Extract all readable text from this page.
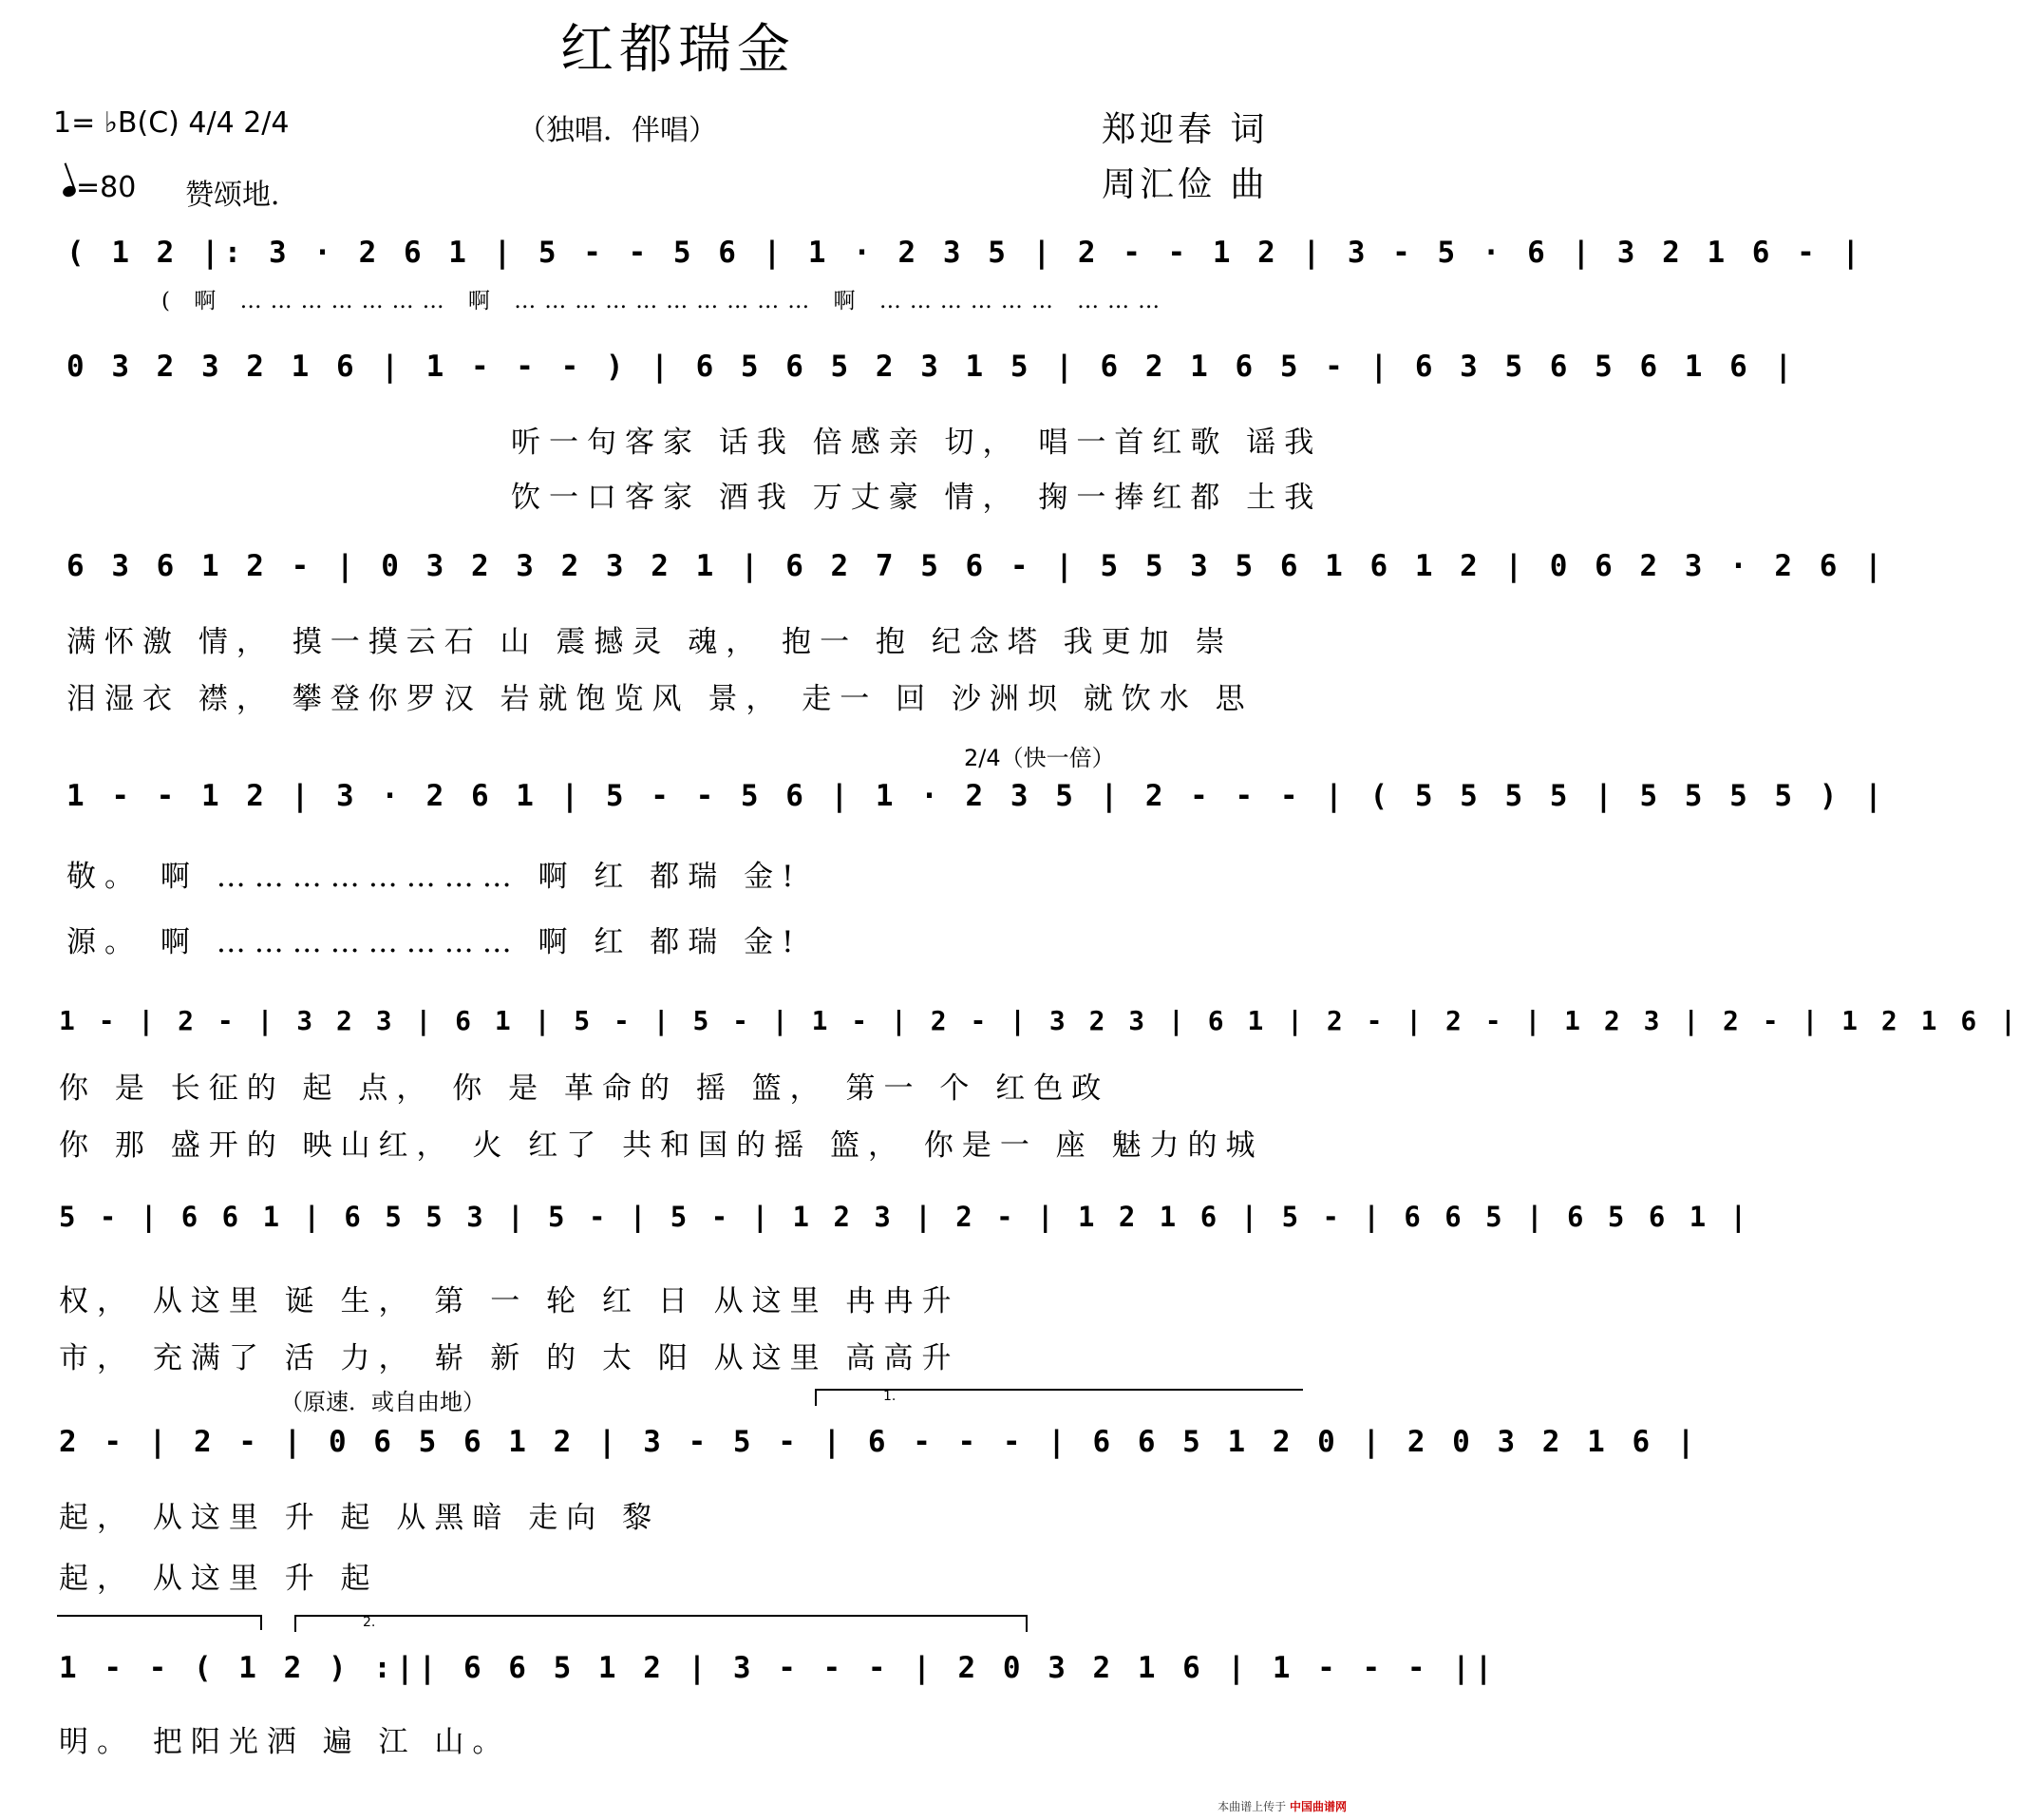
红都瑞金
1= ♭B(C) 4/4 2/4	（独唱．伴唱）
=80 赞颂地．
郑迎春 词
周汇俭 曲
( 1 2 |: 3 · 2 6 1 | 5 - - 5 6 | 1 · 2 3 5 | 2 - - 1 2 | 3 - 5 · 6 | 3 2 1 6 - |
( 啊 ………………… 啊 ………………………… 啊 ……………… ………
0 3 2 3 2 1 6 | 1 - - - ) | 6 5 6 5 2 3 1 5 | 6 2 1 6 5 - | 6 3 5 6 5 6 1 6 |
听一句客家 话我 倍感亲 切， 唱一首红歌 谣我
饮一口客家 酒我 万丈豪 情， 掬一捧红都 土我
6 3 6 1 2 - | 0 3 2 3 2 3 2 1 | 6 2 7 5 6 - | 5 5 3 5 6 1 6 1 2 | 0 6 2 3 · 2 6 |
满怀激 情， 摸一摸云石 山 震撼灵 魂， 抱一 抱 纪念塔 我更加 崇
泪湿衣 襟， 攀登你罗汉 岩就饱览风 景， 走一 回 沙洲坝 就饮水 思
2/4（快一倍）
1 - - 1 2 | 3 · 2 6 1 | 5 - - 5 6 | 1 · 2 3 5 | 2 - - - | ( 5 5 5 5 | 5 5 5 5 ) |
敬。 啊 …………………… 啊 红 都瑞 金!
源。 啊 …………………… 啊 红 都瑞 金!
1 - | 2 - | 3 2 3 | 6 1 | 5 - | 5 - | 1 - | 2 - | 3 2 3 | 6 1 | 2 - | 2 - | 1 2 3 | 2 - | 1 2 1 6 |
你 是 长征的 起 点， 你 是 革命的 摇 篮， 第一 个 红色政
你 那 盛开的 映山红， 火 红了 共和国的摇 篮， 你是一 座 魅力的城
5 - | 6 6 1 | 6 5 5 3 | 5 - | 5 - | 1 2 3 | 2 - | 1 2 1 6 | 5 - | 6 6 5 | 6 5 6 1 |
权， 从这里 诞 生， 第 一 轮 红 日 从这里 冉冉升
市， 充满了 活 力， 崭 新 的 太 阳 从这里 高高升
（原速．或自由地）	1.
2 - | 2 - | 0 6 5 6 1 2 | 3 - 5 - | 6 - - - | 6 6 5 1 2 0 | 2 0 3 2 1 6 |
起， 从这里 升 起 从黑暗 走向 黎
起， 从这里 升 起
2.
1 - - ( 1 2 ) :|| 6 6 5 1 2 | 3 - - - | 2 0 3 2 1 6 | 1 - - - ||
明。 把阳光洒 遍 江 山。
本曲谱上传于 中国曲谱网
